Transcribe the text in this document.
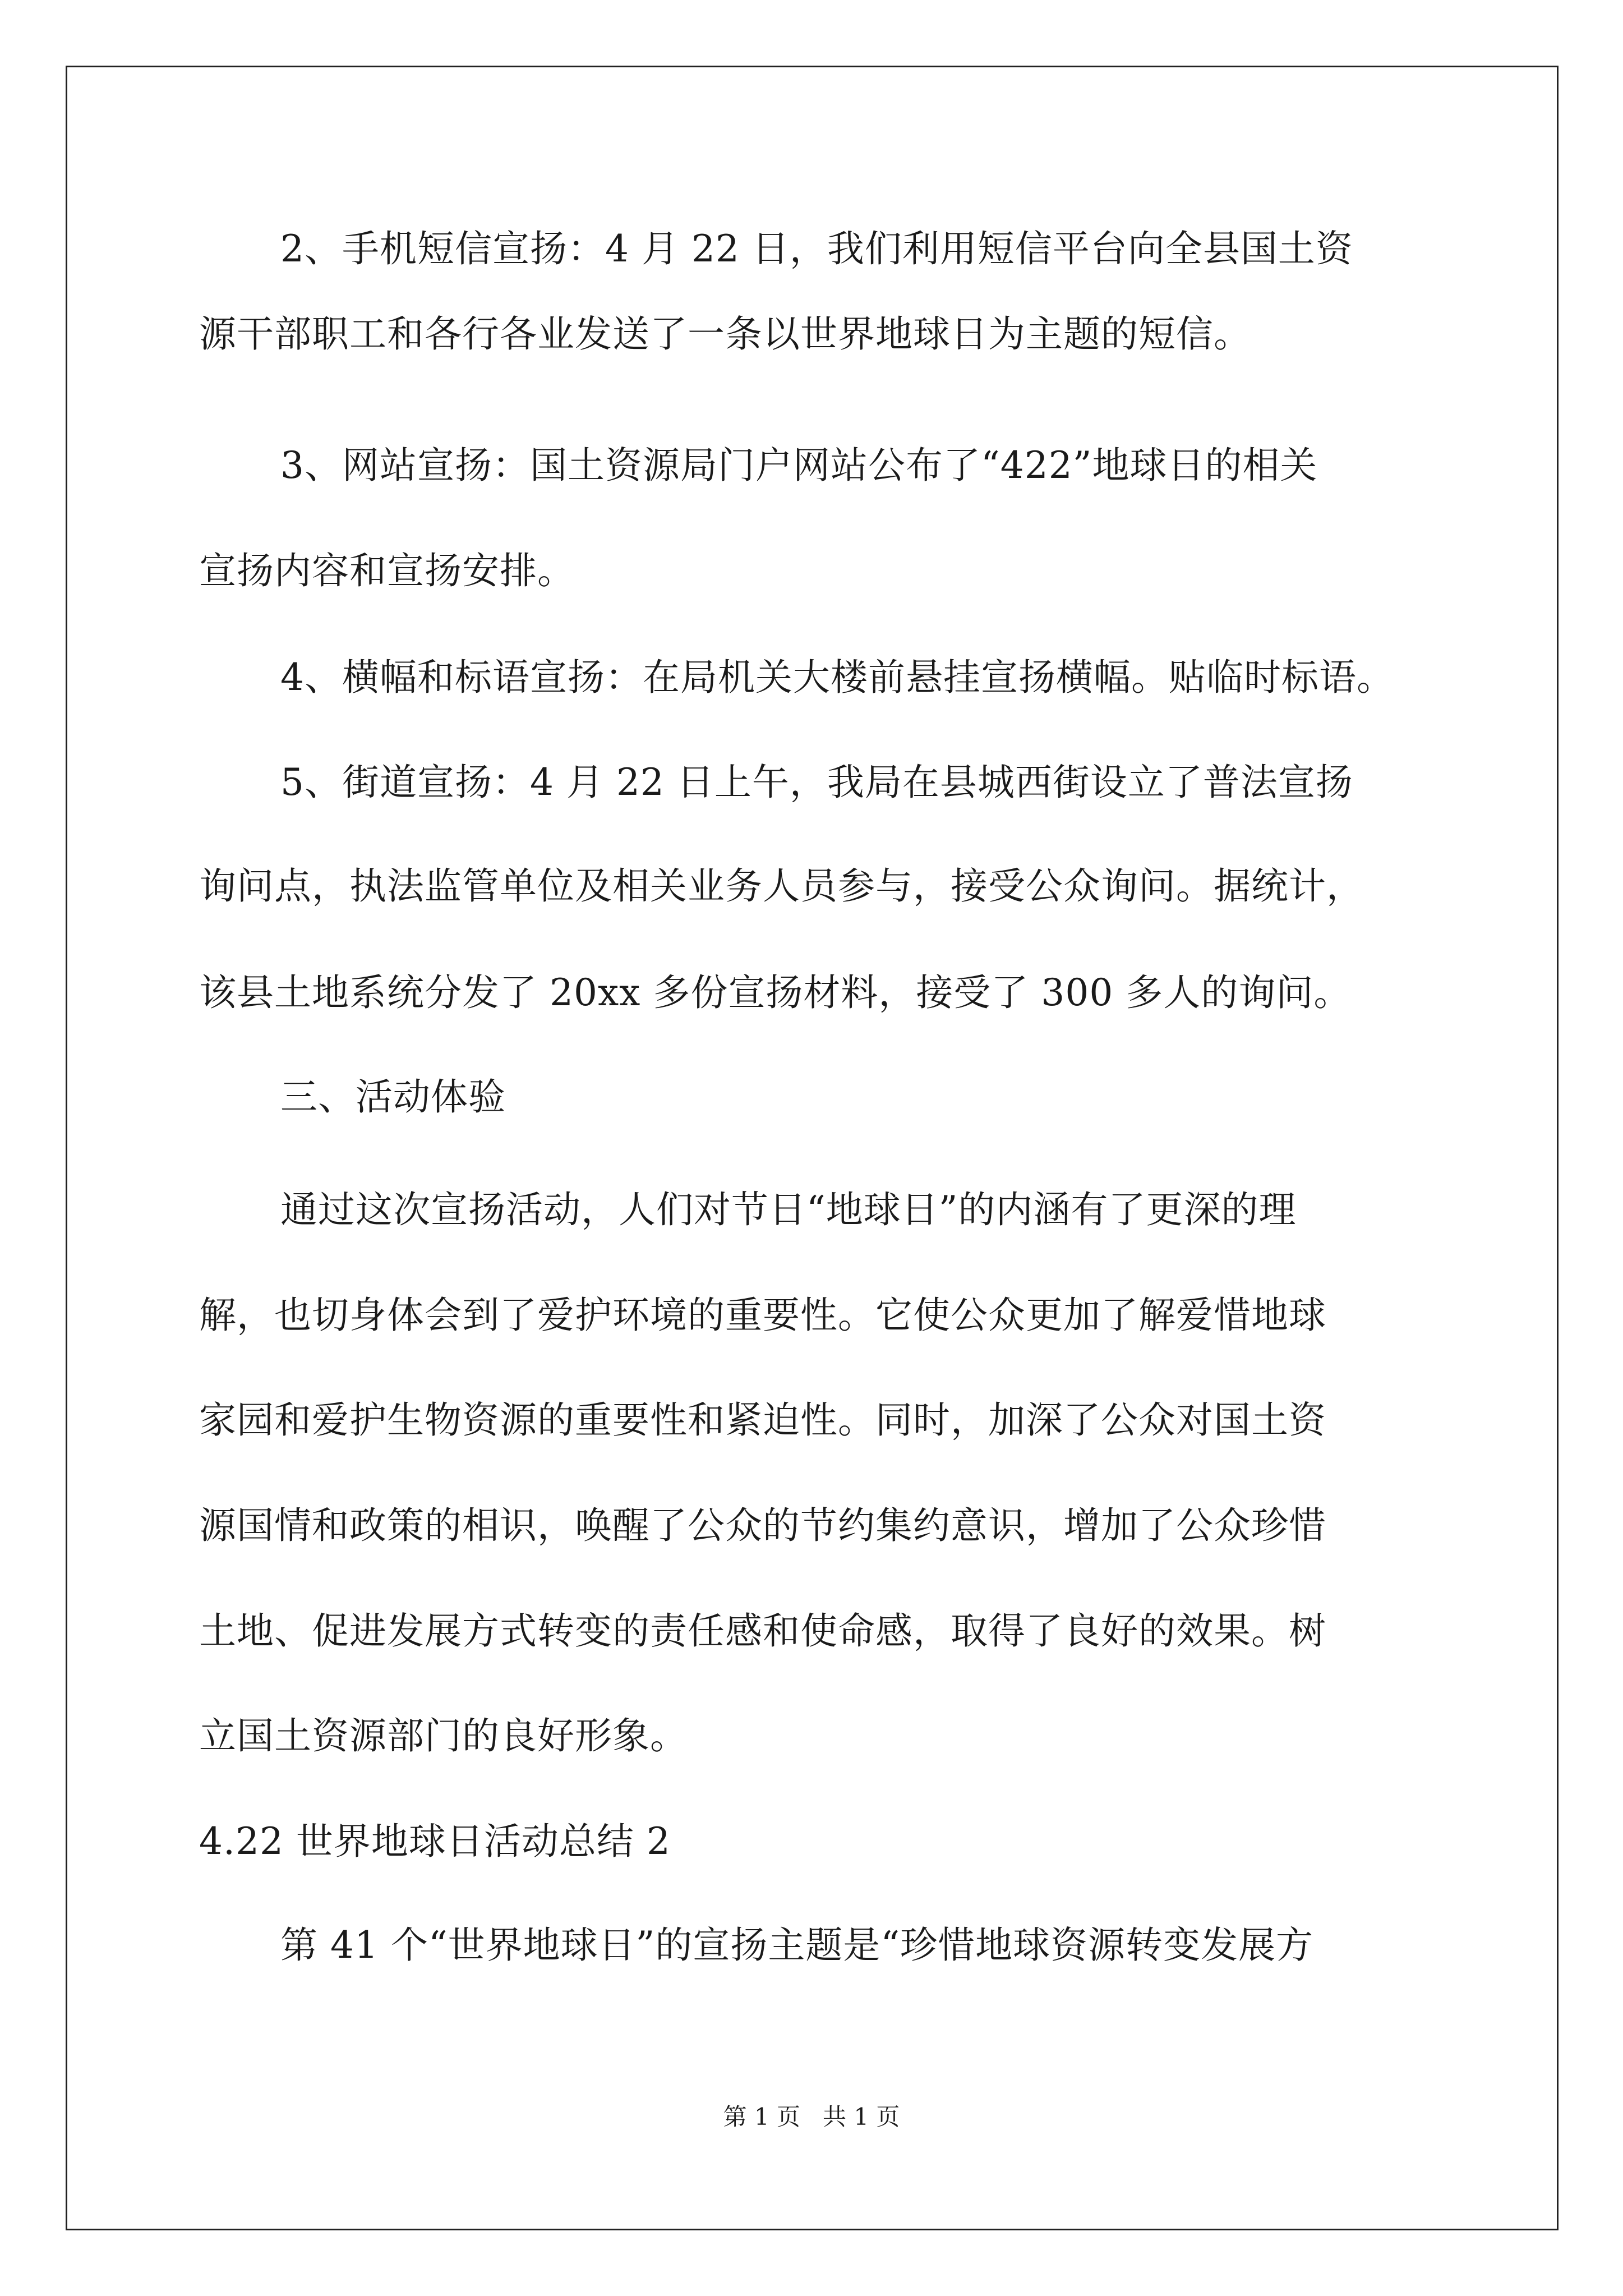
2、手机短信宣扬：4 月 22 日，我们利用短信平台向全县国土资
源干部职工和各行各业发送了一条以世界地球日为主题的短信。
3、网站宣扬：国土资源局门户网站公布了“422”地球日的相关
宣扬内容和宣扬安排。
4、横幅和标语宣扬：在局机关大楼前悬挂宣扬横幅。贴临时标语。
5、街道宣扬：4 月 22 日上午，我局在县城西街设立了普法宣扬
询问点，执法监管单位及相关业务人员参与，接受公众询问。据统计，
该县土地系统分发了 20xx 多份宣扬材料，接受了 300 多人的询问。
三、活动体验
通过这次宣扬活动，人们对节日“地球日”的内涵有了更深的理
解，也切身体会到了爱护环境的重要性。它使公众更加了解爱惜地球
家园和爱护生物资源的重要性和紧迫性。同时，加深了公众对国土资
源国情和政策的相识，唤醒了公众的节约集约意识，增加了公众珍惜
土地、促进发展方式转变的责任感和使命感，取得了良好的效果。树
立国土资源部门的良好形象。
4.22 世界地球日活动总结 2
第 41 个“世界地球日”的宣扬主题是“珍惜地球资源转变发展方
第 1 页 共 1 页
